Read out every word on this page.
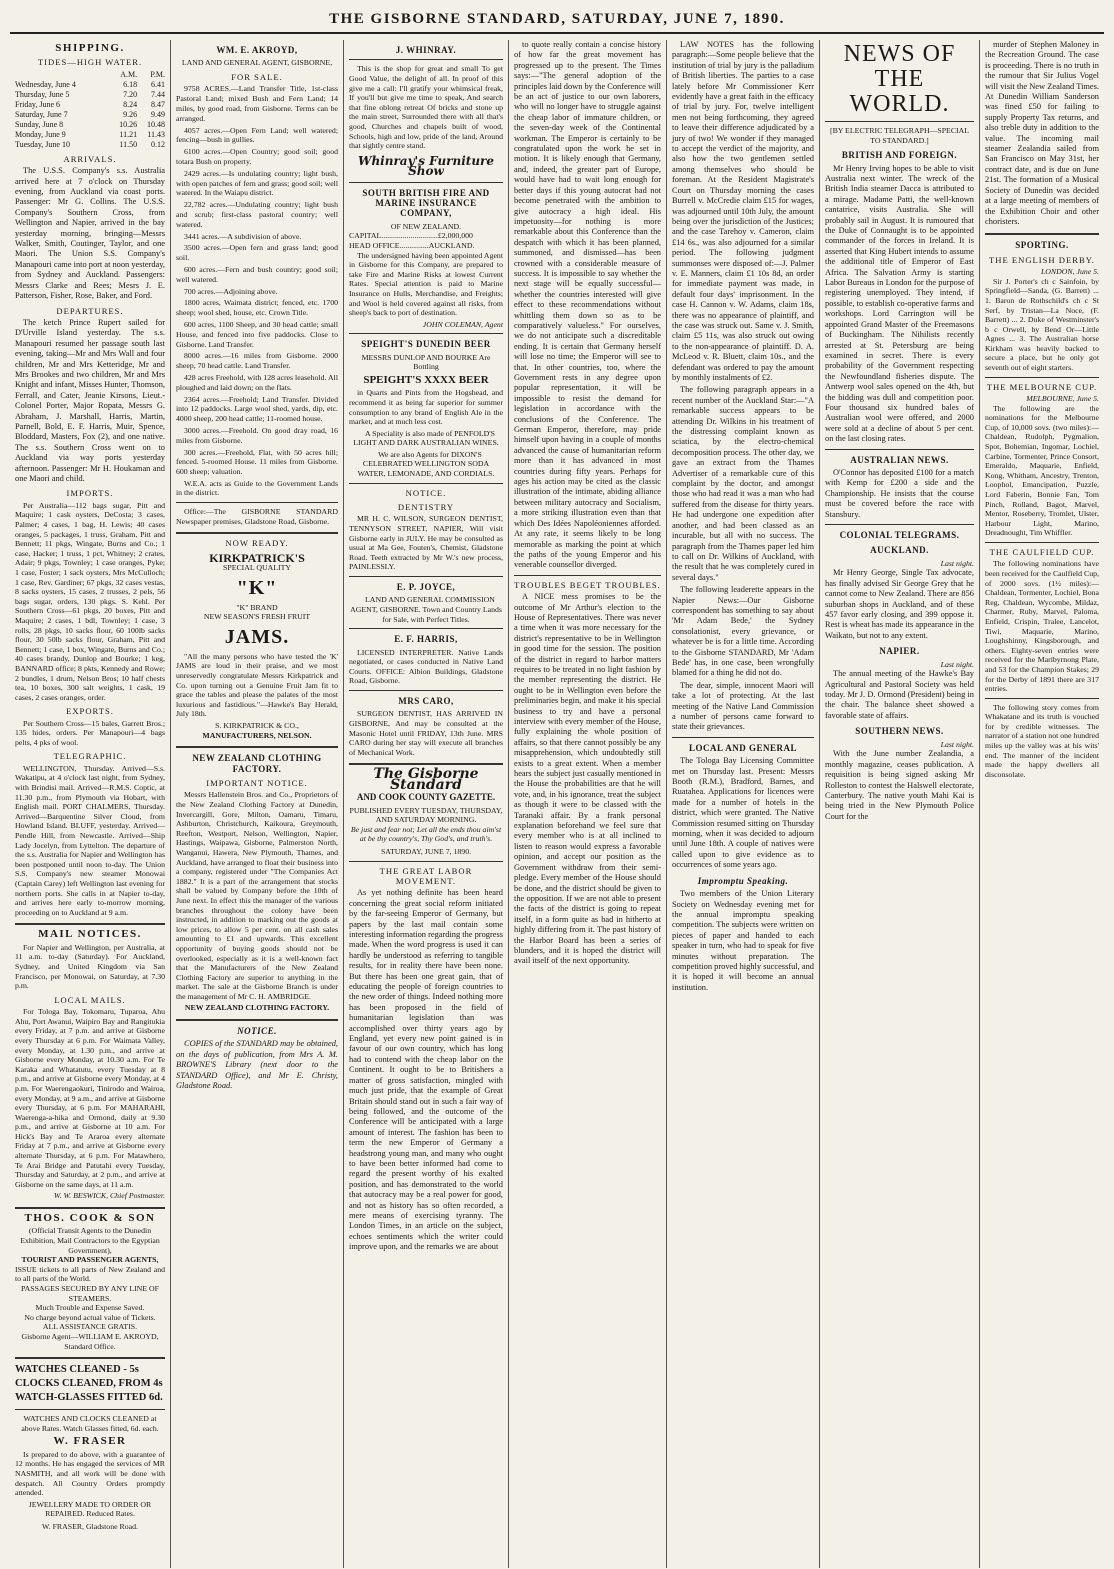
THE GISBORNE STANDARD, SATURDAY, JUNE 7, 1890.
SHIPPING.
TIDES—HIGH WATER.
	A.M.	P.M.
Wednesday, June 4	6.18	6.41
Thursday, June 5	7.20	7.44
Friday, June 6	8.24	8.47
Saturday, June 7	9.26	9.49
Sunday, June 8	10.26	10.48
Monday, June 9	11.21	11.43
Tuesday, June 10	11.50	0.12
ARRIVALS.

The U.S.S. Company's s.s. Australia arrived here at 7 o'clock on Thursday evening, from Auckland via coast ports. Passenger: Mr G. Collins. The U.S.S. Company's Southern Cross, from Wellington and Napier, arrived in the bay yesterday morning, bringing—Messrs Walker, Smith, Coutinger, Taylor, and one Maori. The Union S.S. Company's Manapouri came into port at noon yesterday, from Sydney and Auckland. Passengers: Messrs Clarke and Rees; Mesrs J. E. Patterson, Fisher, Rose, Baker, and Ford.

DEPARTURES.

The ketch Prince Rupert sailed for D'Urville Island yesterday. The s.s. Manapouri resumed her passage south last evening, taking—Mr and Mrs Wall and four children, Mr and Mrs Ketteridge, Mr and Mrs Brookes and two children, Mr and Mrs Knight and infant, Misses Hunter, Thomson, Ferrall, and Cater, Jeanie Kirsons, Lieut.-Colonel Porter, Major Ropata, Messrs G. Abraham, J. Marshall, Harris, Martin, Parnell, Bold, E. F. Harris, Muir, Spence, Bloddard, Masters, Fox (2), and one native. The s.s. Southern Cross went on to Auckland via way ports yesterday afternoon. Passenger: Mr H. Houkaman and one Maori and child.

IMPORTS.

Per Australia—112 bags sugar, Pitt and Maquire; 1 cask oysters, DeCosta; 3 cases, Palmer; 4 cases, 1 bag, H. Lewis; 40 cases oranges, 5 packages, 1 truss, Graham, Pitt and Bennett; 11 pkgs, Wingate, Burns and Co.; 1 case, Hacker; 1 truss, 1 pct, Whitney; 2 crates, Adair; 9 pkgs, Townley; 1 case oranges, Pyke; 1 case, Foster; 1 sack oysters, Mrs McCulloch; 1 case, Rev. Gardiner; 67 pkgs, 32 cases vestas, 8 sacks oysters, 15 cases, 2 trusses, 2 pels, 56 bags sugar, orders, 130 pkgs. S. Kehl. Per Southern Cross—61 pkgs, 20 boxes, Pitt and Maquire; 2 cases, 1 bdl, Townley; 1 case, 3 rolls, 28 pkgs, 10 sacks flour, 60 100lb sacks flour, 30 50lb sacks flour, Graham, Pitt and Bennett; 1 case, 1 box, Wingate, Burns and Co.; 40 cases brandy, Dunlop and Bourke; 1 keg, BANNARD office; 8 pkts, Kennedy and Rowe; 2 bundles, 1 drum, Nelson Bros; 10 half chests tea, 10 boxes, 300 salt weights, 1 cask, 19 cases, 2 cases oranges, order.

EXPORTS.

Per Southern Cross—15 bales, Garrett Bros.; 135 hides, orders. Per Manapouri—4 bags pelts, 4 pks of wool.

TELEGRAPHIC.

WELLINGTON, Thursday. Arrived—S.s. Wakatipu, at 4 o'clock last night, from Sydney, with Brindisi mail. Arrived—R.M.S. Coptic, at 11.30 p.m., from Plymouth via Hobart, with English mail. PORT CHALMERS, Thursday. Arrived—Barquentine Silver Cloud, from Howland Island. BLUFF, yesterday. Arrived—Pendle Hill, from Newcastle. Arrived—Ship Lady Jocelyn, from Lyttelton. The departure of the s.s. Australia for Napier and Wellington has been postponed until noon to-day. The Union S.S. Company's new steamer Monowai (Captain Carey) left Wellington last evening for northern ports. She calls in at Napier to-day, and arrives here early to-morrow morning, proceeding on to Auckland at 9 a.m.

MAIL NOTICES.

For Napier and Wellington, per Australia, at 11 a.m. to-day (Saturday). For Auckland, Sydney, and United Kingdom via San Francisco, per Monowai, on Saturday, at 7.30 p.m.

LOCAL MAILS.

For Tologa Bay, Tokomaru, Tuparoa, Ahu Ahu, Port Awanui, Waipiro Bay and Rangitukia every Friday, at 7 p.m. and arrive at Gisborne every Thursday at 6 p.m. For Waimata Valley, every Monday, at 1.30 p.m., and arrive at Gisborne every Monday, at 10.30 a.m. For Te Karaka and Whatatutu, every Tuesday at 8 p.m., and arrive at Gisborne every Monday, at 4 p.m. For Waerengaokuri, Tinirodo and Wairoa, every Monday, at 9 a.m., and arrive at Gisborne every Thursday, at 6 p.m. For MAHARAHI, Waerenga-a-hika and Ormond, daily at 9.30 p.m., and arrive at Gisborne at 10 a.m. For Hick's Bay and Te Araroa every alternate Friday at 7 p.m., and arrive at Gisborne every alternate Thursday, at 6 p.m. For Matawhero, Te Arai Bridge and Patutahi every Tuesday, Thursday and Saturday, at 2 p.m., and arrive at Gisborne on the same days, at 11 a.m.

W. W. BESWICK, Chief Postmaster.
THOS. COOK & SON
(Official Transit Agents to the Dunedin Exhibition, Mail Contractors to the Egyptian Government),
TOURIST AND PASSENGER AGENTS,
ISSUE tickets to all parts of New Zealand and to all parts of the World.
PASSAGES SECURED BY ANY LINE OF STEAMERS.
Much Trouble and Expense Saved.
No charge beyond actual value of Tickets.
ALL ASSISTANCE GRATIS.
Gisborne Agent—WILLIAM E. AKROYD, Standard Office.
WATCHES CLEANED - 5s
CLOCKS CLEANED, FROM 4s
WATCH-GLASSES FITTED 6d.
WATCHES AND CLOCKS CLEANED at above Rates. Watch Glasses fitted, 6d. each.
W. FRASER

Is prepared to do above, with a guarantee of 12 months. He has engaged the services of MR NASMITH, and all work will be done with despatch. All Country Orders promptly attended.

JEWELLERY MADE TO ORDER OR REPAIRED. Reduced Rates.
W. FRASER, Gladstone Road.
WM. E. AKROYD,
LAND AND GENERAL AGENT, GISBORNE,
FOR SALE.

9758 ACRES.—Land Transfer Title, 1st-class Pastoral Land; mixed Bush and Fern Land; 14 miles, by good road, from Gisborne. Terms can be arranged.

4057 acres.—Open Fern Land; well watered; fencing—bush in gullies.

6100 acres.—Open Country; good soil; good totara Bush on property.

2429 acres.—Is undulating country; light bush, with open patches of fern and grass; good soil; well watered. In the Waiapu district.

22,782 acres.—Undulating country; light bush and scrub; first-class pastoral country; well watered.

3441 acres.—A subdivision of above.

3500 acres.—Open fern and grass land; good soil.

600 acres.—Fern and bush country; good soil; well watered.

700 acres.—Adjoining above.

1800 acres, Waimata district; fenced, etc. 1700 sheep; wool shed, house, etc. Crown Title.

600 acres, 1100 Sheep, and 30 head cattle; small House, and fenced into five paddocks. Close to Gisborne. Land Transfer.

8000 acres.—16 miles from Gisborne. 2000 sheep, 70 head cattle. Land Transfer.

428 acres Freehold, with 128 acres leasehold. All ploughed and laid down; on the flats.

2364 acres.—Freehold; Land Transfer. Divided into 12 paddocks. Large wool shed, yards, dip, etc. 4000 sheep, 200 head cattle; 11-roomed house.

3000 acres.—Freehold. On good dray road, 16 miles from Gisborne.

300 acres.—Freehold, Flat, with 50 acres hill; fenced. 5-roomed House. 11 miles from Gisborne. 600 sheep; valuation.

W.E.A. acts as Guide to the Government Lands in the district.

Office:—The GISBORNE STANDARD Newspaper premises, Gladstone Road, Gisborne.

NOW READY.
KIRKPATRICK'S
SPECIAL QUALITY
"K"
"K" BRAND
NEW SEASON'S FRESH FRUIT
JAMS.

"All the many persons who have tested the 'K' JAMS are loud in their praise, and we most unreservedly congratulate Messrs Kirkpatrick and Co. upon turning out a Genuine Fruit Jam fit to grace the tables and please the palates of the most luxurious and fastidious."—Hawke's Bay Herald, July 18th.

S. KIRKPATRICK & CO.,
MANUFACTURERS, NELSON.
NEW ZEALAND CLOTHING FACTORY.
IMPORTANT NOTICE.

Messrs Hallenstein Bros. and Co., Proprietors of the New Zealand Clothing Factory at Dunedin, Invercargill, Gore, Milton, Oamaru, Timaru, Ashburton, Christchurch, Kaikoura, Greymouth, Reefton, Westport, Nelson, Wellington, Napier, Hastings, Waipawa, Gisborne, Palmerston North, Wanganui, Hawera, New Plymouth, Thames, and Auckland, have arranged to float their business into a company, registered under "The Companies Act 1882." It is a part of the arrangement that stocks shall be valued by Company before the 10th of June next. In effect this the manager of the various branches throughout the colony have been instructed, in addition to marking out the goods at low prices, to allow 5 per cent. on all cash sales amounting to £1 and upwards. This excellent opportunity of buying goods should not be overlooked, especially as it is a well-known fact that the Manufacturers of the New Zealand Clothing Factory are superior to anything in the market. The sale at the Gisborne Branch is under the management of Mr C. H. AMBRIDGE.

NEW ZEALAND CLOTHING FACTORY.
NOTICE.

COPIES of the STANDARD may be obtained, on the days of publication, from Mrs A. M. BROWNE'S Library (next door to the STANDARD Office), and Mr E. Christy, Gladstone Road.

J. WHINRAY.

This is the shop for great and small To get Good Value, the delight of all. In proof of this give me a call: I'll gratify your whimsical freak, If you'll but give me time to speak, And search that fine oblong retreat Of bricks and stone up the main street, Surrounded there with all that's good, Churches and chapels built of wood, Schools, high and low, pride of the land, Around that sightly centre stand.

Whinray's Furniture Show
SOUTH BRITISH FIRE AND MARINE INSURANCE COMPANY,
OF NEW ZEALAND.
CAPITAL.............................£2,000,000
HEAD OFFICE...............AUCKLAND.

The undersigned having been appointed Agent in Gisborne for this Company, are prepared to take Fire and Marine Risks at lowest Current Rates. Special attention is paid to Marine Insurance on Hulls, Merchandise, and Freights; and Wool is held covered against all risks, from sheep's back to port of destination.

JOHN COLEMAN, Agent
SPEIGHT'S DUNEDIN BEER
MESSRS DUNLOP AND BOURKE Are Bottling
SPEIGHT'S XXXX BEER

in Quarts and Pints from the Hogshead, and recommend it as being far superior for summer consumption to any brand of English Ale in the market, and at much less cost.

A Speciality is also made of PENFOLD'S LIGHT AND DARK AUSTRALIAN WINES.

We are also Agents for DIXON'S CELEBRATED WELLINGTON SODA WATER, LEMONADE, AND CORDIALS.

NOTICE.
DENTISTRY

MR H. C. WILSON, SURGEON DENTIST, TENNYSON STREET, NAPIER, Will visit Gisborne early in JULY. He may be consulted as usual at Ma Gee, Fouten's, Chemist, Gladstone Road. Teeth extracted by Mr W.'s new process, PAINLESSLY.

E. P. JOYCE,

LAND AND GENERAL COMMISSION AGENT, GISBORNE. Town and Country Lands for Sale, with Perfect Titles.

E. F. HARRIS,

LICENSED INTERPRETER. Native Lands negotiated, or cases conducted in Native Land Courts. OFFICE: Albion Buildings, Gladstone Road, Gisborne.

MRS CARO,

SURGEON DENTIST, HAS ARRIVED IN GISBORNE, And may be consulted at the Masonic Hotel until FRIDAY, 13th June. MRS CARO during her stay will execute all branches of Mechanical Work.

The Gisborne Standard
AND COOK COUNTY GAZETTE.
PUBLISHED EVERY TUESDAY, THURSDAY, AND SATURDAY MORNING.
Be just and fear not; Let all the ends thou aim'st at be thy country's, Thy God's, and truth's.
SATURDAY, JUNE 7, 1890.
THE GREAT LABOR MOVEMENT.

As yet nothing definite has been heard concerning the great social reform initiated by the far-seeing Emperor of Germany, but papers by the last mail contain some interesting information regarding the progress made. When the word progress is used it can hardly be understood as referring to tangible results, for in reality there have been none. But there has been one great gain, that of educating the people of foreign countries to the new order of things. Indeed nothing more has been proposed in the field of humanitarian legislation than was accomplished over thirty years ago by England, yet every new point gained is in favour of our own country, which has long had to contend with the cheap labor on the Continent. It ought to be to Britishers a matter of gross satisfaction, mingled with much just pride, that the example of Great Britain should stand out in such a fair way of being followed, and the outcome of the Conference will be anticipated with a large amount of interest. The fashion has been to term the new Emperor of Germany a headstrong young man, and many who ought to have been better informed had come to regard the present worthy of his exalted position, and has demonstrated to the world that autocracy may be a real power for good, and not as history has so often recorded, a mere means of exercising tyranny. The London Times, in an article on the subject, echoes sentiments which the writer could improve upon, and the remarks we are about

to quote really contain a concise history of how far the great movement has progressed up to the present. The Times says:—"The general adoption of the principles laid down by the Conference will be an act of justice to our own laborers, who will no longer have to struggle against the cheap labor of immature children, or the seven-day week of the Continental workman. The Emperor is certainly to be congratulated upon the work he set in motion. It is likely enough that Germany, and, indeed, the greater part of Europe, would have had to wait long enough for better days if this young autocrat had not become penetrated with the ambition to give autocracy a high ideal. His impetuosity—for nothing is more remarkable about this Conference than the despatch with which it has been planned, summoned, and dismissed—has been crowned with a considerable measure of success. It is impossible to say whether the next stage will be equally successful—whether the countries interested will give effect to these recommendations without whittling them down so as to be comparatively valueless." For ourselves, we do not anticipate such a discreditable ending. It is certain that Germany herself will lose no time; the Emperor will see to that. In other countries, too, where the Government rests in any degree upon popular representation, it will be impossible to resist the demand for legislation in accordance with the conclusions of the Conference. The German Emperor, therefore, may pride himself upon having in a couple of months advanced the cause of humanitarian reform more than it has advanced in most countries during fifty years. Perhaps for ages his action may be cited as the classic illustration of the intimate, abiding alliance between military autocracy and Socialism, a more striking illustration even than that which Des Idées Napoléoniennes afforded. At any rate, it seems likely to be long memorable as marking the point at which the paths of the young Emperor and his venerable counsellor diverged.

TROUBLES BEGET TROUBLES.

A NICE mess promises to be the outcome of Mr Arthur's election to the House of Representatives. There was never a time when it was more necessary for the district's representative to be in Wellington in good time for the session. The position of the district in regard to harbor matters requires to be treated in no light fashion by the member representing the district. He ought to be in Wellington even before the preliminaries begin, and make it his special business to try and have a personal interview with every member of the House, fully explaining the whole position of affairs, so that there cannot possibly be any misapprehension, which undoubtedly still exists to a great extent. When a member hears the subject just casually mentioned in the House the probabilities are that he will vote, and, in his ignorance, treat the subject as though it were to be classed with the Taranaki affair. By a frank personal explanation beforehand we feel sure that every member who is at all inclined to listen to reason would express a favorable opinion, and accept our position as the Government withdraw from their semi-pledge. Every member of the House should be done, and the district should be given to the opposition. If we are not able to present the facts of the district is going to repeat itself, in a form quite as bad in hitherto at highly differing from it. The past history of the Harbor Board has been a series of blunders, and it is hoped the district will avail itself of the next opportunity.

LAW NOTES has the following paragraph:—Some people believe that the institution of trial by jury is the palladium of British liberties. The parties to a case lately before Mr Commissioner Kerr evidently have a great faith in the efficacy of trial by jury. For, twelve intelligent men not being forthcoming, they agreed to leave their difference adjudicated by a jury of two! We wonder if they managed to accept the verdict of the majority, and also how the two gentlemen settled among themselves who should be foreman. At the Resident Magistrate's Court on Thursday morning the cases Burrell v. McCredie claim £15 for wages, was adjourned until 10th July, the amount being over the jurisdiction of the Justices; and the case Tarehoy v. Cameron, claim £14 6s., was also adjourned for a similar period. The following judgment summonses were disposed of:—J. Palmer v. E. Manners, claim £1 10s 8d, an order for immediate payment was made, in default four days' imprisonment. In the case H. Cannon v. W. Adams, claim 18s, there was no appearance of plaintiff, and the case was struck out. Same v. J. Smith, claim £5 11s, was also struck out owing to the non-appearance of plaintiff. D. A. McLeod v. R. Bluett, claim 10s., and the defendant was ordered to pay the amount by monthly instalments of £2.

The following paragraph appears in a recent number of the Auckland Star:—"A remarkable success appears to be attending Dr. Wilkins in his treatment of the distressing complaint known as sciatica, by the electro-chemical decomposition process. The other day, we gave an extract from the Thames Advertiser of a remarkable cure of this complaint by the doctor, and amongst those who had read it was a man who had suffered from the disease for thirty years. He had undergone one expedition after another, and had been classed as an incurable, but all with no success. The paragraph from the Thames paper led him to call on Dr. Wilkins of Auckland, with the result that he was completely cured in several days."

The following leaderette appears in the Napier News:—Our Gisborne correspondent has something to say about 'Mr Adam Bede,' the Sydney consolationist, every grievance, or whatever be is for a little time. According to the Gisborne STANDARD, Mr 'Adam Bede' has, in one case, been wrongfully blamed for a thing he did not do.

The dear, simple, innocent Maori will take a lot of protecting. At the last meeting of the Native Land Commission a number of persons came forward to state their grievances.

LOCAL AND GENERAL

The Tologa Bay Licensing Committee met on Thursday last. Present: Messrs Booth (R.M.), Bradford, Barnes, and Ruatahea. Applications for licences were made for a number of hotels in the district, which were granted. The Native Commission resumed sitting on Thursday morning, when it was decided to adjourn until June 18th. A couple of natives were called upon to give evidence as to occurrences of some years ago.

Impromptu Speaking.

Two members of the Union Literary Society on Wednesday evening met for the annual impromptu speaking competition. The subjects were written on pieces of paper and handed to each speaker in turn, who had to speak for five minutes without preparation. The competition proved highly successful, and it is hoped it will become an annual institution.

NEWS OF THE WORLD.
[BY ELECTRIC TELEGRAPH—SPECIAL TO STANDARD.]
BRITISH AND FOREIGN.

Mr Henry Irving hopes to be able to visit Australia next winter. The wreck of the British India steamer Dacca is attributed to a mirage. Madame Patti, the well-known cantatrice, visits Australia. She will probably sail in August. It is rumoured that the Duke of Connaught is to be appointed commander of the forces in Ireland. It is asserted that King Hubert intends to assume the additional title of Emperor of East Africa. The Salvation Army is starting Labor Bureaus in London for the purpose of registering unemployed. They intend, if possible, to establish co-operative farms and workshops. Lord Carrington will be appointed Grand Master of the Freemasons of Buckingham. The Nihilists recently arrested at St. Petersburg are being examined in secret. There is every probability of the Government respecting the Newfoundland fisheries dispute. The Antwerp wool sales opened on the 4th, but the bidding was dull and competition poor. Four thousand six hundred bales of Australian wool were offered, and 2000 were sold at a decline of about 5 per cent. on the last closing rates.

AUSTRALIAN NEWS.

O'Connor has deposited £100 for a match with Kemp for £200 a side and the Championship. He insists that the course must be covered before the race with Stansbury.

COLONIAL TELEGRAMS.
AUCKLAND.
Last night.

Mr Henry George, Single Tax advocate, has finally advised Sir George Grey that he cannot come to New Zealand. There are 856 suburban shops in Auckland, and of these 457 favor early closing, and 399 oppose it. Rest is wheat has made its appearance in the Waikato, but not to any extent.

NAPIER.
Last night.

The annual meeting of the Hawke's Bay Agricultural and Pastoral Society was held today. Mr J. D. Ormond (President) being in the chair. The balance sheet showed a favorable state of affairs.

SOUTHERN NEWS.
Last night.

With the June number Zealandia, a monthly magazine, ceases publication. A requisition is being signed asking Mr Rolleston to contest the Halswell electorate, Canterbury. The native youth Mahi Kai is being tried in the New Plymouth Police Court for the

murder of Stephen Maloney in the Recreation Ground. The case is proceeding. There is no truth in the rumour that Sir Julius Vogel will visit the New Zealand Times. At Dunedin William Sanderson was fined £50 for failing to supply Property Tax returns, and also treble duty in addition to the value. The incoming mail steamer Zealandia sailed from San Francisco on May 31st, her contract date, and is due on June 21st. The formation of a Musical Society of Dunedin was decided at a large meeting of members of the Exhibition Choir and other choristers.

SPORTING.
THE ENGLISH DERBY.
LONDON, June 5.

Sir J. Porter's ch c Sainfoin, by Springfield—Sanda, (G. Barrett) ... 1. Baron de Rothschild's ch c St Serf, by Tristan—La Noce, (F. Barrett) ... 2. Duke of Westminster's b c Orwell, by Bend Or—Little Agnes ... 3. The Australian horse Kirkham was heavily backed to secure a place, but he only got seventh out of eight starters.

THE MELBOURNE CUP.
MELBOURNE, June 5.

The following are the nominations for the Melbourne Cup, of 10,000 sovs. (two miles):—Chaldean, Rudolph, Pygmalion, Spot, Bohemian, Ingomar, Lochiel, Carbine, Tormenter, Prince Consort, Emeraldo, Maquarie, Enfield, Kong, Whitham, Ancestry, Trenton, Loophol, Emancipation, Puzzle, Lord Faberin, Bonnie Fan, Tom Pinch, Rolland, Bagot, Marvel, Mentor, Roseberry, Tromlet, Ulster, Harbour Light, Marino, Dreadnought, Tim Whiffler.

THE CAULFIELD CUP.

The following nominations have been received for the Caulfield Cup, of 2000 sovs. (1½ miles):—Chaldean, Tormenter, Lochiel, Bona Reg, Chaldean, Wycombe, Mildaz, Charmer, Ruby, Marvel, Paloma, Enfield, Crispin, Tralee, Lancelot, Tiwi, Maquarie, Marino, Loughshinny, Kingsborough, and others. Eighty-seven entries were received for the Maribyrnong Plate, and 53 for the Champion Stakes; 29 for the Derby of 1891 there are 317 entries.

The following story comes from Whakatane and its truth is vouched for by credible witnesses. The narrator of a station not one hundred miles up the valley was at his wits' end. The manner of the incident made the happy dwellers all disconsolate.
